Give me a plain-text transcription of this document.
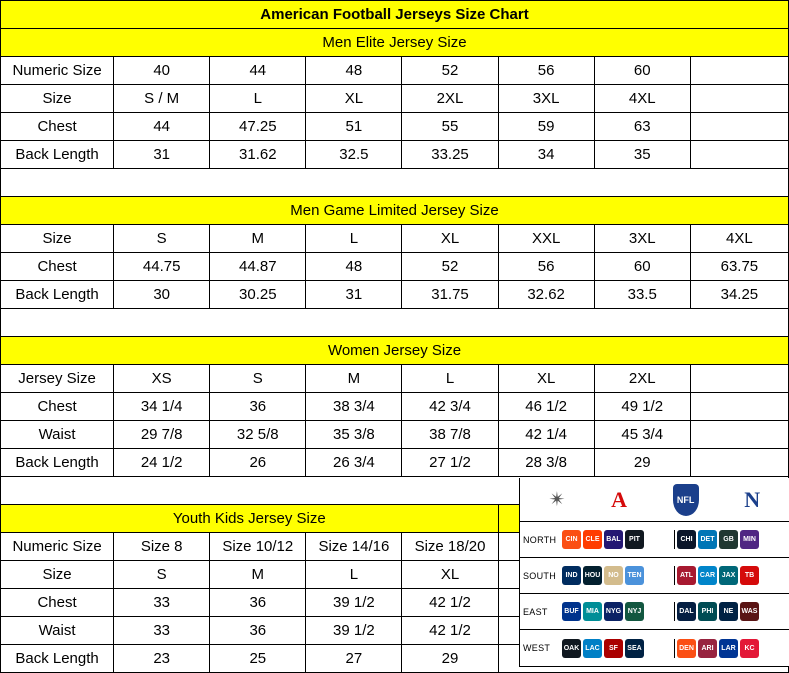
American Football Jerseys Size Chart							
Men Elite Jersey Size							
Numeric Size	40	44	48	52	56	60	
Size	S / M	L	XL	2XL	3XL	4XL	
Chest	44	47.25	51	55	59	63	
Back Length	31	31.62	32.5	33.25	34	35	

Men Game Limited Jersey Size							
Size	S	M	L	XL	XXL	3XL	4XL
Chest	44.75	44.87	48	52	56	60	63.75
Back Length	30	30.25	31	31.75	32.62	33.5	34.25

Women Jersey Size							
Jersey Size	XS	S	M	L	XL	2XL	
Chest	34 1/4	36	38 3/4	42 3/4	46 1/2	49 1/2	
Waist	29 7/8	32 5/8	35 3/8	38 7/8	42 1/4	45 3/4	
Back Length	24 1/2	26	26 3/4	27 1/2	28 3/8	29	

Youth Kids Jersey Size							
Numeric Size	Size 8	Size 10/12	Size 14/16	Size 18/20			
Size	S	M	L	XL			
Chest	33	36	39 1/2	42 1/2			
Waist	33	36	39 1/2	42 1/2			
Back Length	23	25	27	29			
✴ A	NFL N
NORTH	CIN	CLE BAL	PIT	CHI	DET	GB	MIN
SOUTH	IND	HOU	NO	TEN	ATL CAR JAX	TB
EAST	BUF	MIA NYG NYJ	DAL	PHI	NE	WAS
WEST	OAK LAC	SF	SEA	DEN	ARI	LAR	KC
